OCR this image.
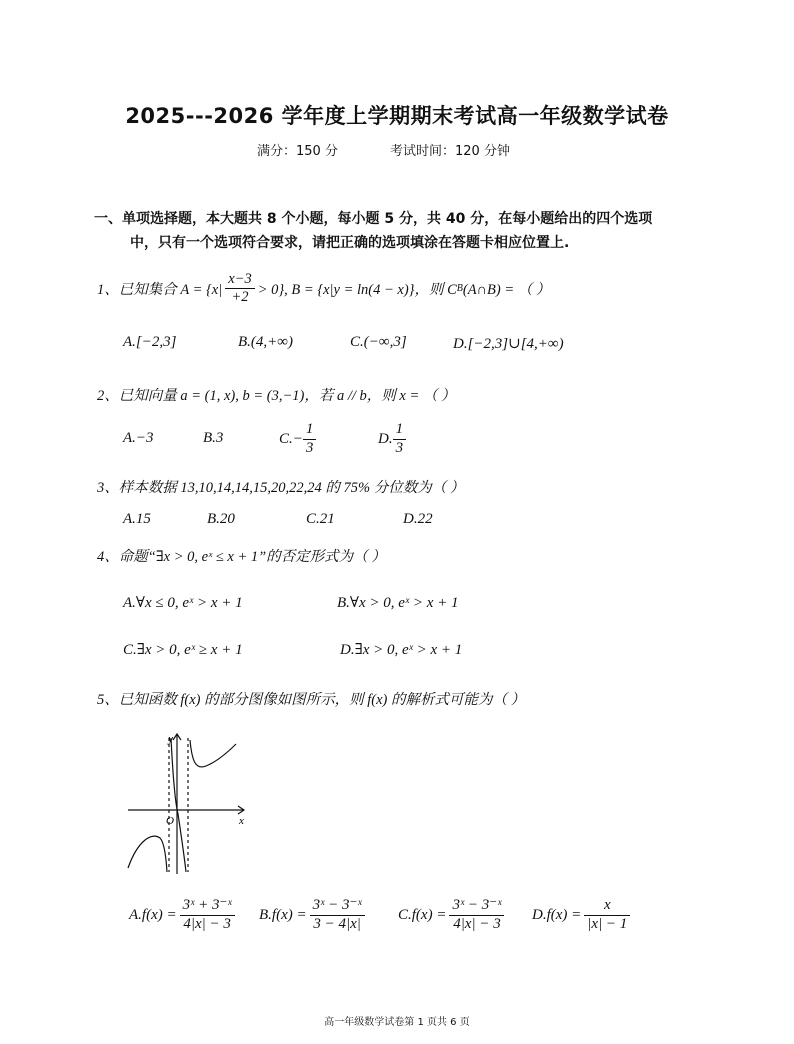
2025---2026 学年度上学期期末考试高一年级数学试卷
满分：150 分	考试时间：120 分钟
一、单项选择题，本大题共 8 个小题，每小题 5 分，共 40 分，在每小题给出的四个选项
中，只有一个选项符合要求，请把正确的选项填涂在答题卡相应位置上.
1、已知集合 $A = \{x| \frac{x-3}{+2} > 0\}$, B = {x|y = ln(4 − x)}，则 C B (A∩B) = （ ）
A.[−2,3]	B.(4,+∞)	C.(−∞,3]	D.[−2,3]∪[4,+∞)
2、已知向量 a = (1, x), b = (3,−1)，若 a // b，则 x = （ ）
A.−3	B.3	$C.- \frac{1}{3}$	D. $\frac{1}{3}$
3、样本数据 13,10,14,14,15,20,22,24 的 75% 分位数为（ ）
A.15	B.20	C.21	D.22
4、命题“∃x > 0, eˣ ≤ x + 1”的否定形式为（ ）
A.∀x ≤ 0, eˣ > x + 1	B.∀x > 0, eˣ > x + 1
C.∃x > 0, eˣ ≥ x + 1	D.∃x > 0, eˣ > x + 1
5、已知函数 f(x) 的部分图像如图所示，则 f(x) 的解析式可能为（ ）
y
x
O
$A.f(x) = \frac{\text{3ˣ + 3⁻ˣ}}{4|x| - 3} B.f(x) = \frac{\text{3ˣ − 3⁻ˣ}}{3 - 4|x|} C.f(x) = \frac{\text{3ˣ − 3⁻ˣ}}{4|x| - 3} D.f(x) = \frac{x}{|x| - 1}$
高一年级数学试卷第 1 页共 6 页
